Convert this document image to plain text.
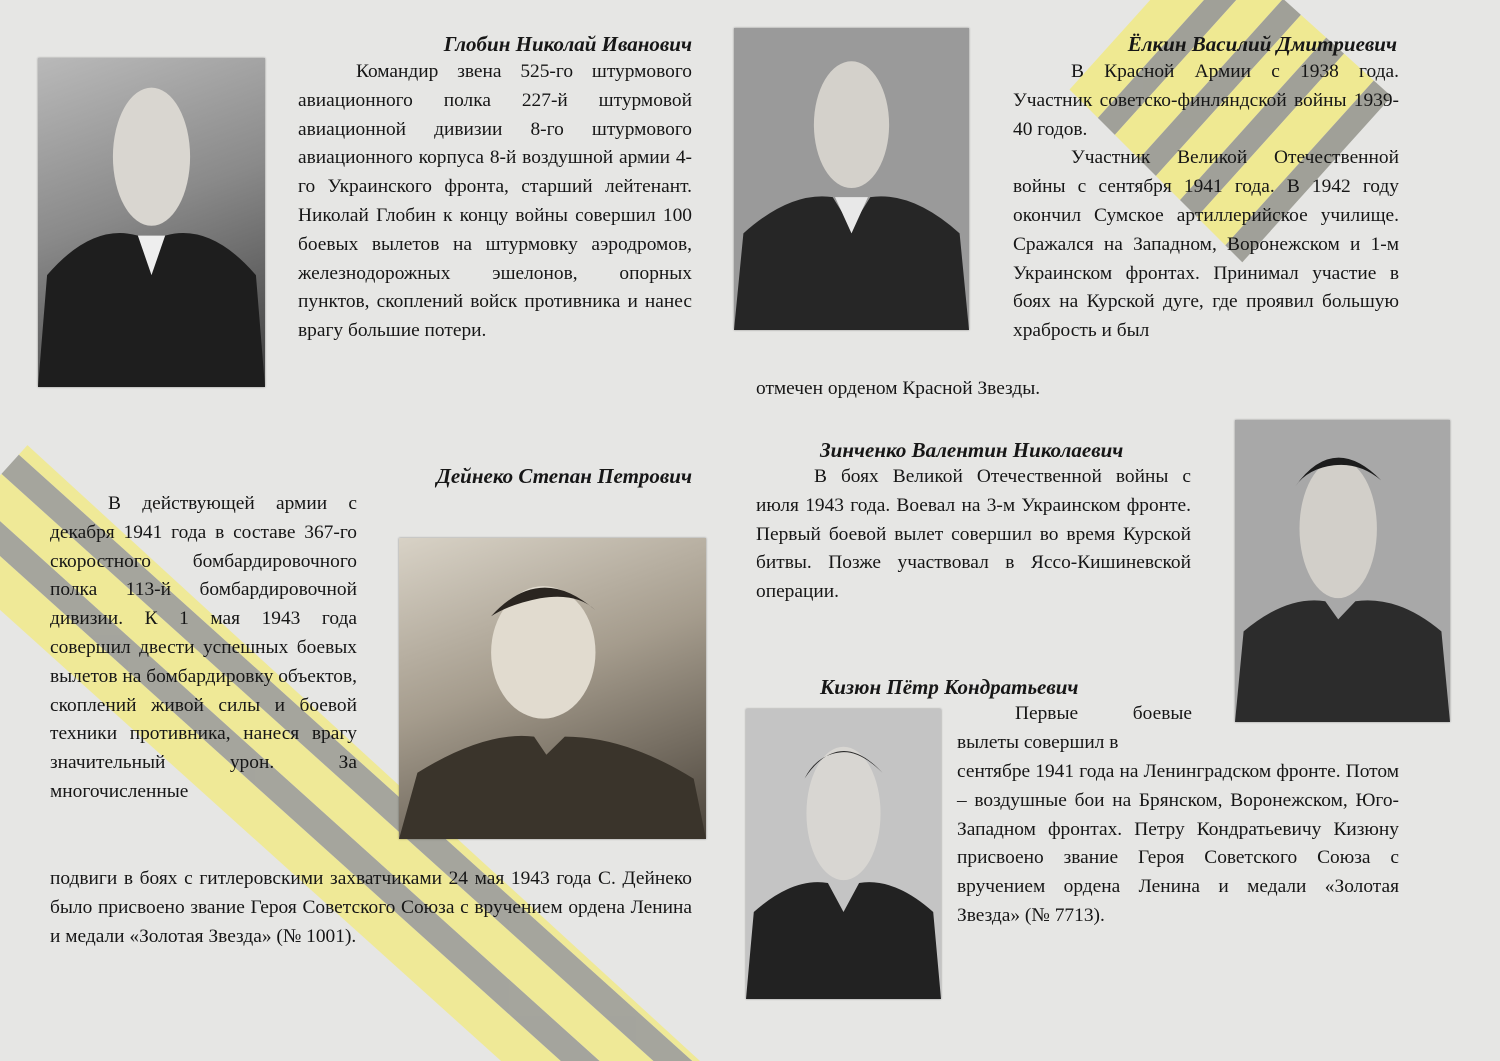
Глобин Николай Иванович

Командир звена 525-го штурмового авиационного полка 227-й штурмовой авиационной дивизии 8-го штурмового авиационного корпуса 8-й воздушной армии 4-го Украинского фронта, старший лейтенант. Николай Глобин к концу войны совершил 100 боевых вылетов на штурмовку аэродромов, железнодорожных эшелонов, опорных пунктов, скоплений войск противника и нанес врагу большие потери.

Ёлкин Василий Дмитриевич

В Красной Армии с 1938 года. Участник советско-финляндской войны 1939-40 годов.

Участник Великой Отечественной войны с сентября 1941 года. В 1942 году окончил Сумское артиллерийское училище. Сражался на Западном, Воронежском и 1-м Украинском фронтах. Принимал участие в боях на Курской дуге, где проявил большую храбрость и был

отмечен орденом Красной Звезды.
Дейнеко Степан Петрович

В действующей армии с декабря 1941 года в составе 367-го скоростного бомбардировочного полка 113-й бомбардировочной дивизии. К 1 мая 1943 года совершил двести успешных боевых вылетов на бомбардировку объектов, скоплений живой силы и боевой техники противника, нанеся врагу значительный урон. За многочисленные

подвиги в боях с гитлеровскими захватчиками 24 мая 1943 года С. Дейнеко было присвоено звание Героя Советского Союза с вручением ордена Ленина и медали «Золотая Звезда» (№ 1001).

Зинченко Валентин Николаевич

В боях Великой Отечественной войны с июля 1943 года. Воевал на 3-м Украинском фронте. Первый боевой вылет совершил во время Курской битвы. Позже участвовал в Яссо-Кишиневской операции.

Кизюн Пётр Кондратьевич

Первые боевые вылеты совершил в

сентябре 1941 года на Ленинградском фронте. Потом – воздушные бои на Брянском, Воронежском, Юго-Западном фронтах. Петру Кондратьевичу Кизюну присвоено звание Героя Советского Союза с вручением ордена Ленина и медали «Золотая Звезда» (№ 7713).
